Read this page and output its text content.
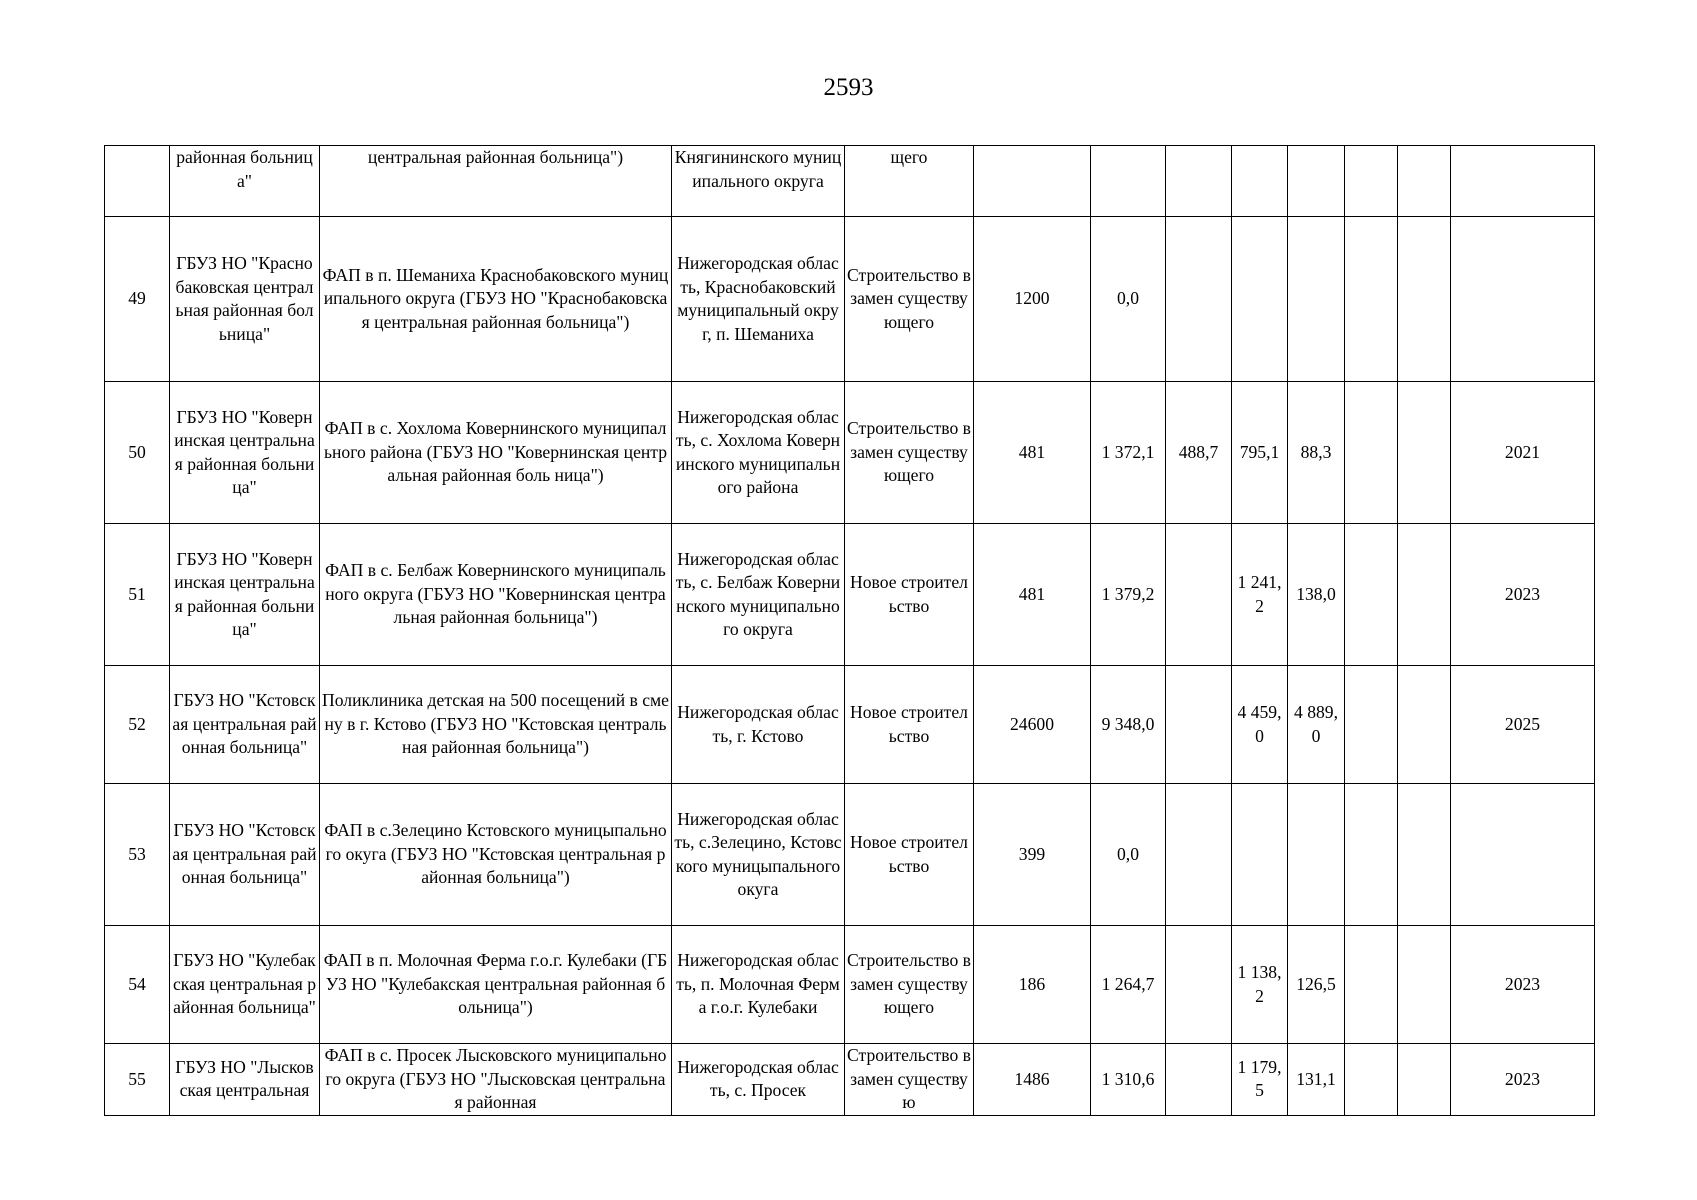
2593
	районная больница"	центральная районная больница")	Княгининского муниципального округа	щего								
49	ГБУЗ НО "Краснобаковская центральная районная больница"	ФАП в п. Шеманиха Краснобаковского муниципального округа (ГБУЗ НО "Краснобаковская центральная районная больница")	Нижегородская область, Краснобаковский муниципальный округ, п. Шеманиха	Строительство взамен существующего	1200	0,0						
50	ГБУЗ НО "Ковернинская центральная районная больница"	ФАП в с. Хохлома Ковернинского муниципального района (ГБУЗ НО "Ковернинская центральная районная боль ница")	Нижегородская область, с. Хохлома Ковернинского муниципального района	Строительство взамен существующего	481	1 372,1	488,7	795,1	88,3			2021
51	ГБУЗ НО "Ковернинская центральная районная больница"	ФАП в с. Белбаж Ковернинского муниципального округа (ГБУЗ НО "Ковернинская центральная районная больница")	Нижегородская область, с. Белбаж Ковернинского муниципального округа	Новое строительство	481	1 379,2		1 241,2	138,0			2023
52	ГБУЗ НО "Кстовская центральная районная больница"	Поликлиника детская на 500 посещений в смену в г. Кстово (ГБУЗ НО "Кстовская центральная районная больница")	Нижегородская область, г. Кстово	Новое строительство	24600	9 348,0		4 459,0	4 889,0			2025
53	ГБУЗ НО "Кстовская центральная районная больница"	ФАП в с.Зелецино Кстовского муницыпального окуга (ГБУЗ НО "Кстовская центральная районная больница")	Нижегородская область, с.Зелецино, Кстовского муницыпального окуга	Новое строительство	399	0,0						
54	ГБУЗ НО "Кулебакская центральная районная больница"	ФАП в п. Молочная Ферма г.о.г. Кулебаки (ГБУЗ НО "Кулебакская центральная районная больница")	Нижегородская область, п. Молочная Ферма г.о.г. Кулебаки	Строительство взамен существующего	186	1 264,7		1 138,2	126,5			2023
55	ГБУЗ НО "Лысковская центральная	ФАП в с. Просек Лысковского муниципального округа (ГБУЗ НО "Лысковская центральная районная	Нижегородская область, с. Просек	Строительство взамен существую	1486	1 310,6		1 179,5	131,1			2023
